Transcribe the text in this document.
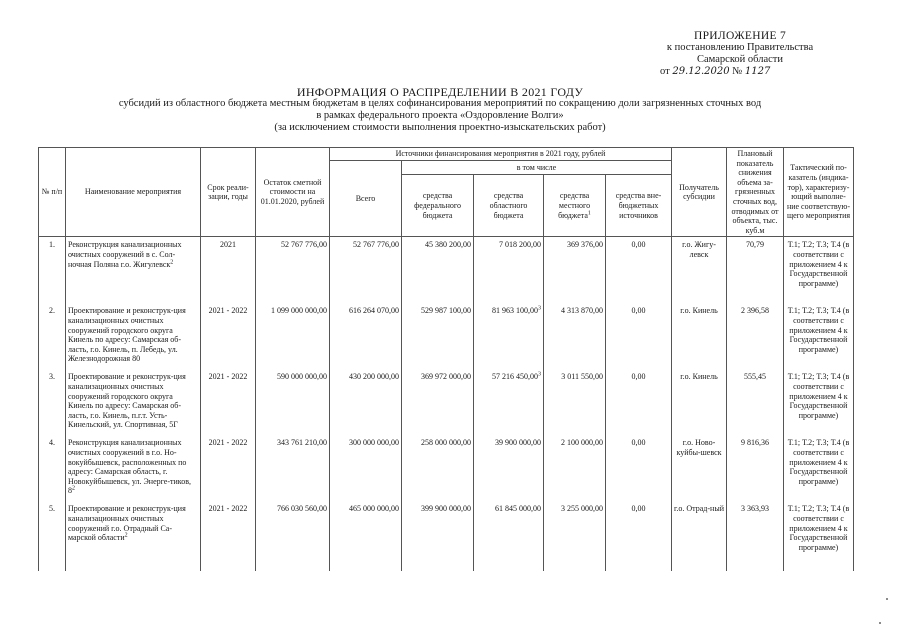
ПРИЛОЖЕНИЕ 7
к постановлению Правительства
Самарской области
от 29.12.2020 № 1127
ИНФОРМАЦИЯ О РАСПРЕДЕЛЕНИИ В 2021 ГОДУ
субсидий из областного бюджета местным бюджетам в целях софинансирования мероприятий по сокращению доли загрязненных сточных вод
в рамках федерального проекта «Оздоровление Волги»
(за исключением стоимости выполнения проектно-изыскательских работ)
№ п/п	Наименование мероприятия	Срок реали-зации, годы	Остаток сметной стоимости на 01.01.2020, рублей	Источники финансирования мероприятия в 2021 году, рублей					Получатель субсидии	Плановый показатель снижения объема за-грязненных сточных вод, отводимых от объекта, тыс. куб.м	Тактический по-казатель (индика-тор), характеризу-ющий выполне-ние соответствую-щего мероприятия
				Всего	в том числе						
					средства федерального бюджета	средства областного бюджета	средства местного бюджета$^1$	средства вне-бюджетных источников			
1.	Реконструкция канализационных очистных сооружений в с. Сол-ночная Поляна г.о. Жигулевск$^2$	2021	52 767 776,00	52 767 776,00	45 380 200,00	7 018 200,00	369 376,00	0,00	г.о. Жигу-левск	70,79	Т.1; Т.2; Т.3; Т.4 (в соответствии с приложением 4 к Государственной программе)
2.	Проектирование и реконструк-ция канализационных очистных сооружений городского округа Кинель по адресу: Самарская об-ласть, г.о. Кинель, п. Лебедь, ул. Железнодорожная 80	2021 - 2022	1 099 000 000,00	616 264 070,00	529 987 100,00	81 963 100,00$^3$	4 313 870,00	0,00	г.о. Кинель	2 396,58	Т.1; Т.2; Т.3; Т.4 (в соответствии с приложением 4 к Государственной программе)
3.	Проектирование и реконструк-ция канализационных очистных сооружений городского округа Кинель по адресу: Самарская об-ласть, г.о. Кинель, п.г.т. Усть-Кинельский, ул. Спортивная, 5Г	2021 - 2022	590 000 000,00	430 200 000,00	369 972 000,00	57 216 450,00$^3$	3 011 550,00	0,00	г.о. Кинель	555,45	Т.1; Т.2; Т.3; Т.4 (в соответствии с приложением 4 к Государственной программе)
4.	Реконструкция канализационных очистных сооружений в г.о. Но-вокуйбышевск, расположенных по адресу: Самарская область, г. Новокуйбышевск, ул. Энерге-тиков, $8^2$	2021 - 2022	343 761 210,00	300 000 000,00	258 000 000,00	39 900 000,00	2 100 000,00	0,00	г.о. Ново-куйбы-шевск	9 816,36	Т.1; Т.2; Т.3; Т.4 (в соответствии с приложением 4 к Государственной программе)
5.	Проектирование и реконструк-ция канализационных очистных сооружений г.о. Отрадный Са-марской области$^2$	2021 - 2022	766 030 560,00	465 000 000,00	399 900 000,00	61 845 000,00	3 255 000,00	0,00	г.о. Отрад-ный	3 363,93	Т.1; Т.2; Т.3; Т.4 (в соответствии с приложением 4 к Государственной программе)
